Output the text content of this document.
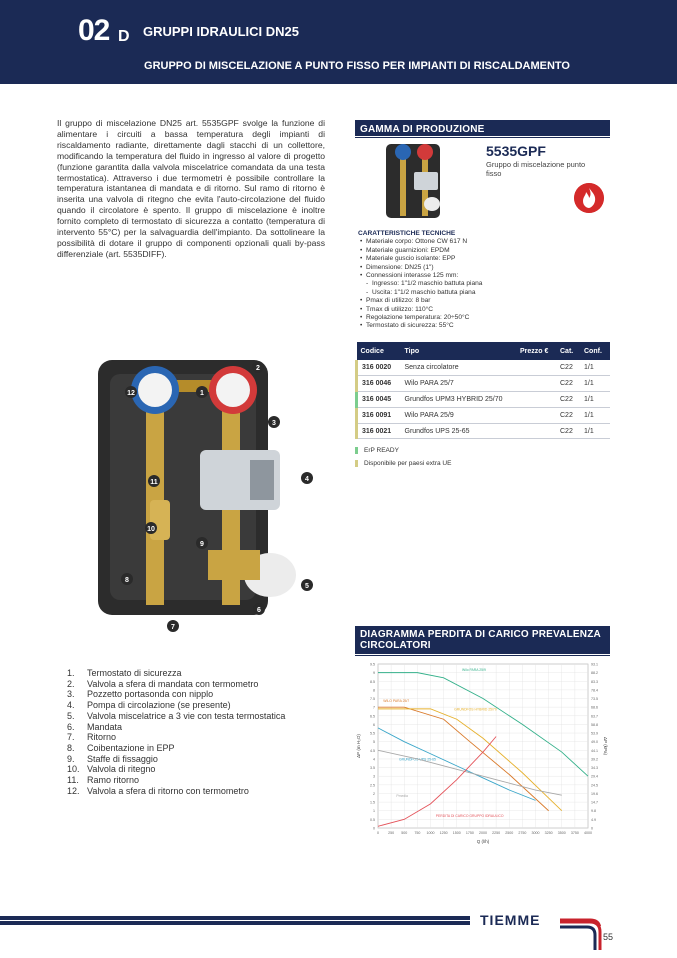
02 D GRUPPI IDRAULICI DN25
GRUPPO DI MISCELAZIONE A PUNTO FISSO PER IMPIANTI DI RISCALDAMENTO

Il gruppo di miscelazione DN25 art. 5535GPF svolge la funzione di alimentare i circuiti a bassa temperatura degli impianti di riscaldamento radiante, direttamente dagli stacchi di un collettore, modificando la temperatura del fluido in ingresso al valore di progetto (funzione garantita dalla valvola miscelatrice comandata da una testa termostatica). Attraverso i due termometri è possibile controllare la temperatura istantanea di mandata e di ritorno. Sul ramo di ritorno è inserita una valvola di ritegno che evita l'auto-circolazione del fluido quando il circolatore è spento. Il gruppo di miscelazione è inoltre fornito completo di termostato di sicurezza a contatto (temperatura di intervento 55°C) per la salvaguardia dell'impianto. Da sottolineare la possibilità di dotare il gruppo di componenti opzionali quali by-pass differenziale (art. 5535DIFF).

1
2
3
4
5
6
7
8
9
10
11
12
1.	Termostato di sicurezza
2.	Valvola a sfera di mandata con termometro
3.	Pozzetto portasonda con nipplo
4.	Pompa di circolazione (se presente)
5.	Valvola miscelatrice a 3 vie con testa termostatica
6.	Mandata
7.	Ritorno
8.	Coibentazione in EPP
9.	Staffe di fissaggio
10. Valvola di ritegno
11. Ramo ritorno
12. Valvola a sfera di ritorno con termometro
GAMMA DI PRODUZIONE
5535GPF
Gruppo di miscelazione punto fisso
CARATTERISTICHE TECNICHE
• Materiale corpo: Ottone CW 617 N
• Materiale guarnizioni: EPDM
• Materiale guscio isolante: EPP
• Dimensione: DN25 (1")
• Connessioni interasse 125 mm:
- Ingresso: 1"1/2 maschio battuta piana
- Uscita: 1"1/2 maschio battuta piana
• Pmax di utilizzo: 8 bar
• Tmax di utilizzo: 110°C
• Regolazione temperatura: 20÷50°C
• Termostato di sicurezza: 55°C
Codice	Tipo	Prezzo €	Cat.	Conf.
316 0020	Senza circolatore		C22	1/1
316 0046	Wilo PARA 25/7		C22	1/1
316 0045	Grundfos UPM3 HYBRID 25/70		C22	1/1
316 0091	Wilo PARA 25/9		C22	1/1
316 0021	Grundfos UPS 25-65		C22	1/1
ErP READY
Disponibile per paesi extra UE
DIAGRAMMA PERDITA DI CARICO PREVALENZA CIRCOLATORI
0	0
0.5	4.9
1	9.8
1.5	14.7
2	19.6
2.5	24.5
3	29.4
3.5	34.3
4	39.2
4.5	44.1
5	49.0
5.5	53.9
6	58.8
6.5	63.7
7	68.6
7.5	73.5
8	78.4
8.5	83.3
9	88.2
9.5	93.1
0	250 500 750 1000 1250 1500 1750 2000 2250 2500 2750 3000 3250 3500 3750 4000
Wilo PARA 25/9
WILO PARA 25/7
GRUNDFOS HYBRID 25/70
GRUNDFOS UPS 25-65
Pmedia
PERDITA DI CARICO GRUPPO IDRAULICO
Q (l/h)
ΔP (m H₂O)	ΔP (kPa)
TIEMME
55
